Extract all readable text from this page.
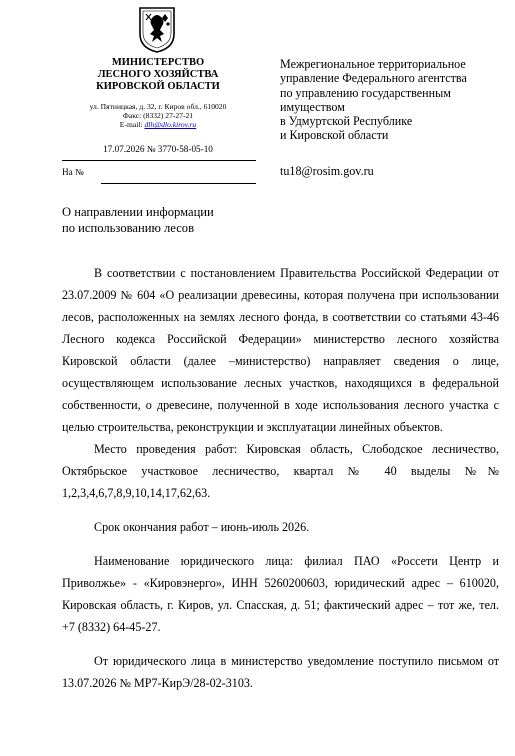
МИНИСТЕРСТВО
ЛЕСНОГО ХОЗЯЙСТВА
КИРОВСКОЙ ОБЛАСТИ
ул. Пятницкая, д. 32, г. Киров обл., 610020
Факс: (8332) 27-27-21
E-mail: dlh@dlo.kirov.ru
17.07.2026 № 3770-58-05-10
На №
Межрегиональное территориальное
управление Федерального агентства
по управлению государственным
имуществом
в Удмуртской Республике
и Кировской области
tu18@rosim.gov.ru
О направлении информации
по использованию лесов

В соответствии с постановлением Правительства Российской Федерации от 23.07.2009 № 604 «О реализации древесины, которая получена при использовании лесов, расположенных на землях лесного фонда, в соответствии со статьями 43-46 Лесного кодекса Российской Федерации» министерство лесного хозяйства Кировской области (далее –министерство) направляет сведения о лице, осуществляющем использование лесных участков, находящихся в федеральной собственности, о древесине, полученной в ходе использования лесного участка с целью строительства, реконструкции и эксплуатации линейных объектов.

Место проведения работ: Кировская область, Слободское лесничество, Октябрьское участковое лесничество, квартал № 40 выделы №№ 1,2,3,4,6,7,8,9,10,14,17,62,63.

Срок окончания работ – июнь-июль 2026.

Наименование юридического лица: филиал ПАО «Россети Центр и Приволжье» - «Кировэнерго», ИНН 5260200603, юридический адрес – 610020, Кировская область, г. Киров, ул. Спасская, д. 51; фактический адрес – тот же, тел. +7 (8332) 64-45-27.

От юридического лица в министерство уведомление поступило письмом от 13.07.2026 № МР7-КирЭ/28-02-3103.
